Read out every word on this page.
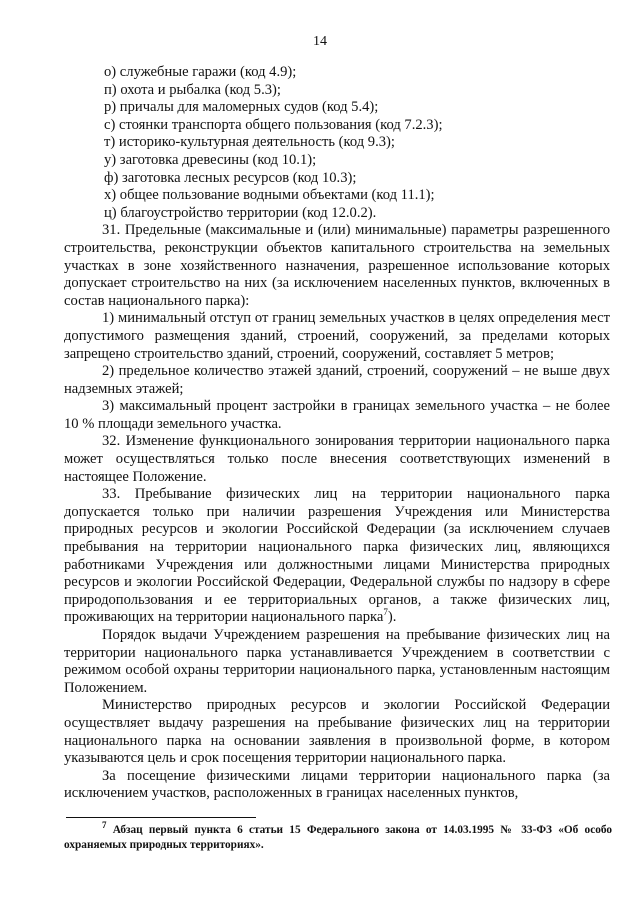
14

о) служебные гаражи (код 4.9);

п) охота и рыбалка (код 5.3);

р) причалы для маломерных судов (код 5.4);

с) стоянки транспорта общего пользования (код 7.2.3);

т) историко-культурная деятельность (код 9.3);

у) заготовка древесины (код 10.1);

ф) заготовка лесных ресурсов (код 10.3);

х) общее пользование водными объектами (код 11.1);

ц) благоустройство территории (код 12.0.2).

31. Предельные (максимальные и (или) минимальные) параметры разрешенного строительства, реконструкции объектов капитального строительства на земельных участках в зоне хозяйственного назначения, разрешенное использование которых допускает строительство на них (за исключением населенных пунктов, включенных в состав национального парка):

1) минимальный отступ от границ земельных участков в целях определения мест допустимого размещения зданий, строений, сооружений, за пределами которых запрещено строительство зданий, строений, сооружений, составляет 5 метров;

2) предельное количество этажей зданий, строений, сооружений – не выше двух надземных этажей;

3) максимальный процент застройки в границах земельного участка – не более 10 % площади земельного участка.

32. Изменение функционального зонирования территории национального парка может осуществляться только после внесения соответствующих изменений в настоящее Положение.

33. Пребывание физических лиц на территории национального парка допускается только при наличии разрешения Учреждения или Министерства природных ресурсов и экологии Российской Федерации (за исключением случаев пребывания на территории национального парка физических лиц, являющихся работниками Учреждения или должностными лицами Министерства природных ресурсов и экологии Российской Федерации, Федеральной службы по надзору в сфере природопользования и ее территориальных органов, а также физических лиц, проживающих на территории национального парка$^7$).

Порядок выдачи Учреждением разрешения на пребывание физических лиц на территории национального парка устанавливается Учреждением в соответствии с режимом особой охраны территории национального парка, установленным настоящим Положением.

Министерство природных ресурсов и экологии Российской Федерации осуществляет выдачу разрешения на пребывание физических лиц на территории национального парка на основании заявления в произвольной форме, в котором указываются цель и срок посещения территории национального парка.

За посещение физическими лицами территории национального парка (за исключением участков, расположенных в границах населенных пунктов,

$^7$ Абзац первый пункта 6 статьи 15 Федерального закона от 14.03.1995 № 33-ФЗ «Об особо охраняемых природных территориях».
